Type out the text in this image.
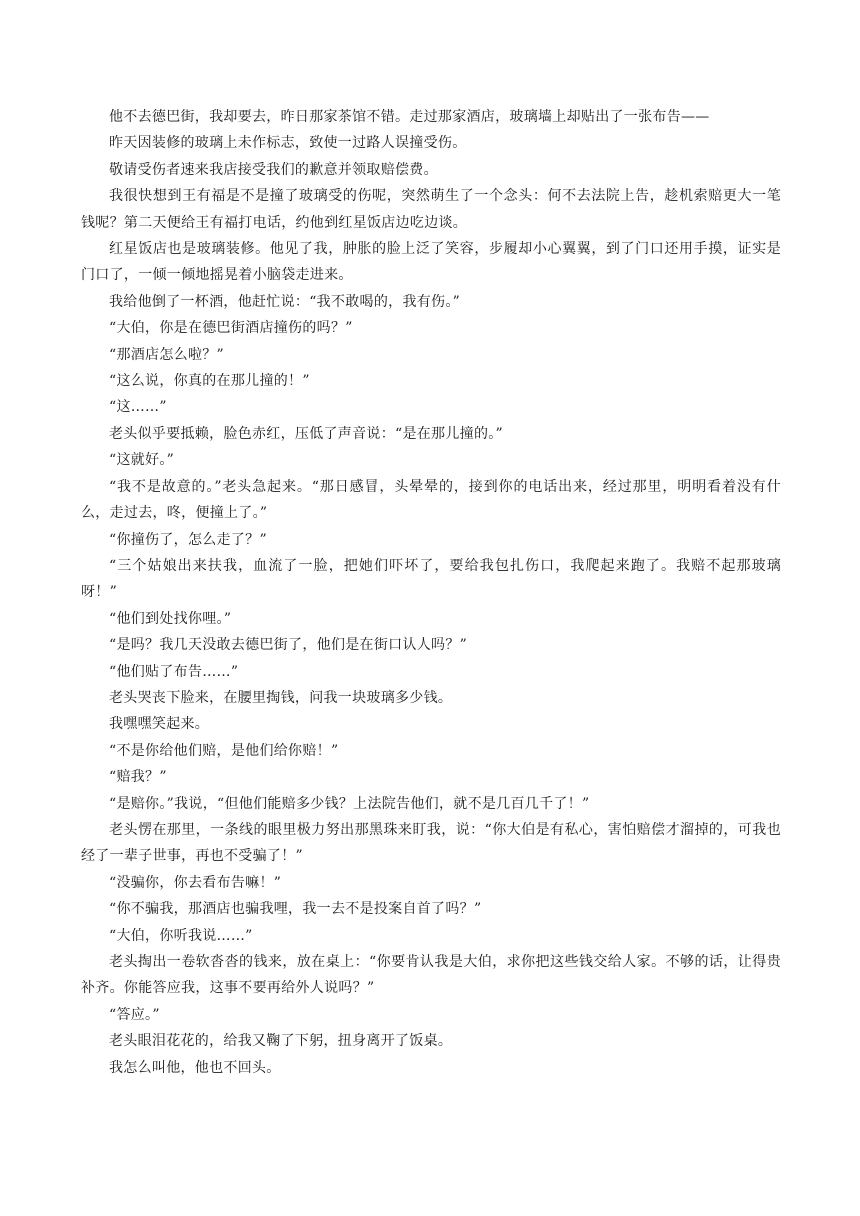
他不去德巴街，我却要去，昨日那家茶馆不错。走过那家酒店，玻璃墙上却贴出了一张布告——

昨天因装修的玻璃上未作标志，致使一过路人误撞受伤。

敬请受伤者速来我店接受我们的歉意并领取赔偿费。

我很快想到王有福是不是撞了玻璃受的伤呢，突然萌生了一个念头：何不去法院上告，趁机索赔更大一笔钱呢？第二天便给王有福打电话，约他到红星饭店边吃边谈。

红星饭店也是玻璃装修。他见了我，肿胀的脸上泛了笑容，步履却小心翼翼，到了门口还用手摸，证实是门口了，一倾一倾地摇晃着小脑袋走进来。

我给他倒了一杯酒，他赶忙说：“我不敢喝的，我有伤。”

“大伯，你是在德巴街酒店撞伤的吗？”

“那酒店怎么啦？”

“这么说，你真的在那儿撞的！”

“这……”

老头似乎要抵赖，脸色赤红，压低了声音说：“是在那儿撞的。”

“这就好。”

“我不是故意的。”老头急起来。“那日感冒，头晕晕的，接到你的电话出来，经过那里，明明看着没有什么，走过去，咚，便撞上了。”

“你撞伤了，怎么走了？”

“三个姑娘出来扶我，血流了一脸，把她们吓坏了，要给我包扎伤口，我爬起来跑了。我赔不起那玻璃呀！”

“他们到处找你哩。”

“是吗？我几天没敢去德巴街了，他们是在街口认人吗？”

“他们贴了布告……”

老头哭丧下脸来，在腰里掏钱，问我一块玻璃多少钱。

我嘿嘿笑起来。

“不是你给他们赔，是他们给你赔！”

“赔我？”

“是赔你。”我说，“但他们能赔多少钱？上法院告他们，就不是几百几千了！”

老头愣在那里，一条线的眼里极力努出那黑珠来盯我，说：“你大伯是有私心，害怕赔偿才溜掉的，可我也经了一辈子世事，再也不受骗了！”

“没骗你，你去看布告嘛！”

“你不骗我，那酒店也骗我哩，我一去不是投案自首了吗？”

“大伯，你听我说……”

老头掏出一卷软沓沓的钱来，放在桌上：“你要肯认我是大伯，求你把这些钱交给人家。不够的话，让得贵补齐。你能答应我，这事不要再给外人说吗？”

“答应。”

老头眼泪花花的，给我又鞠了下躬，扭身离开了饭桌。

我怎么叫他，他也不回头。
